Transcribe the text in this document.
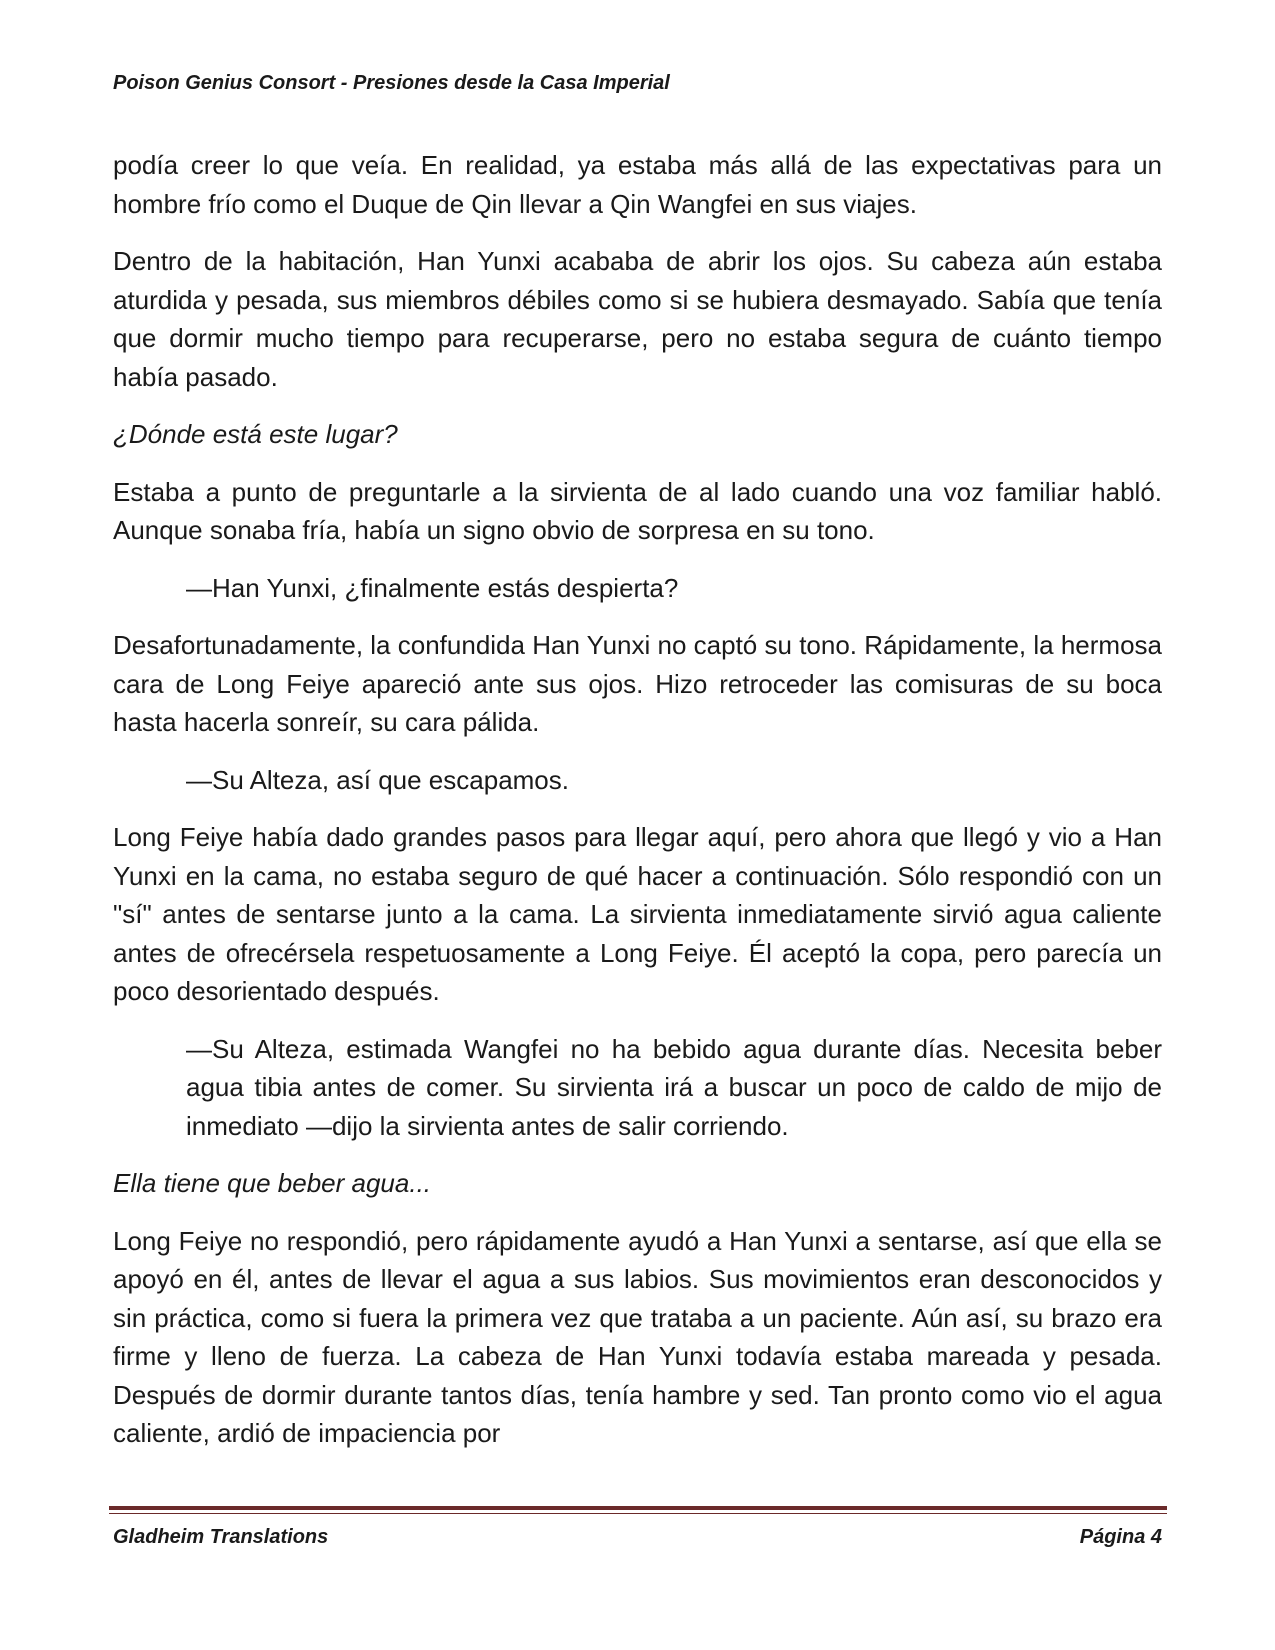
Poison Genius Consort - Presiones desde la Casa Imperial

podía creer lo que veía. En realidad, ya estaba más allá de las expectativas para un hombre frío como el Duque de Qin llevar a Qin Wangfei en sus viajes.

Dentro de la habitación, Han Yunxi acababa de abrir los ojos. Su cabeza aún estaba aturdida y pesada, sus miembros débiles como si se hubiera desmayado. Sabía que tenía que dormir mucho tiempo para recuperarse, pero no estaba segura de cuánto tiempo había pasado.

¿Dónde está este lugar?

Estaba a punto de preguntarle a la sirvienta de al lado cuando una voz familiar habló. Aunque sonaba fría, había un signo obvio de sorpresa en su tono.

—Han Yunxi, ¿finalmente estás despierta?

Desafortunadamente, la confundida Han Yunxi no captó su tono. Rápidamente, la hermosa cara de Long Feiye apareció ante sus ojos. Hizo retroceder las comisuras de su boca hasta hacerla sonreír, su cara pálida.

—Su Alteza, así que escapamos.

Long Feiye había dado grandes pasos para llegar aquí, pero ahora que llegó y vio a Han Yunxi en la cama, no estaba seguro de qué hacer a continuación. Sólo respondió con un "sí" antes de sentarse junto a la cama. La sirvienta inmediatamente sirvió agua caliente antes de ofrecérsela respetuosamente a Long Feiye. Él aceptó la copa, pero parecía un poco desorientado después.

—Su Alteza, estimada Wangfei no ha bebido agua durante días. Necesita beber agua tibia antes de comer. Su sirvienta irá a buscar un poco de caldo de mijo de inmediato —dijo la sirvienta antes de salir corriendo.

Ella tiene que beber agua...

Long Feiye no respondió, pero rápidamente ayudó a Han Yunxi a sentarse, así que ella se apoyó en él, antes de llevar el agua a sus labios. Sus movimientos eran desconocidos y sin práctica, como si fuera la primera vez que trataba a un paciente. Aún así, su brazo era firme y lleno de fuerza. La cabeza de Han Yunxi todavía estaba mareada y pesada. Después de dormir durante tantos días, tenía hambre y sed. Tan pronto como vio el agua caliente, ardió de impaciencia por

Gladheim Translations	Página 4
